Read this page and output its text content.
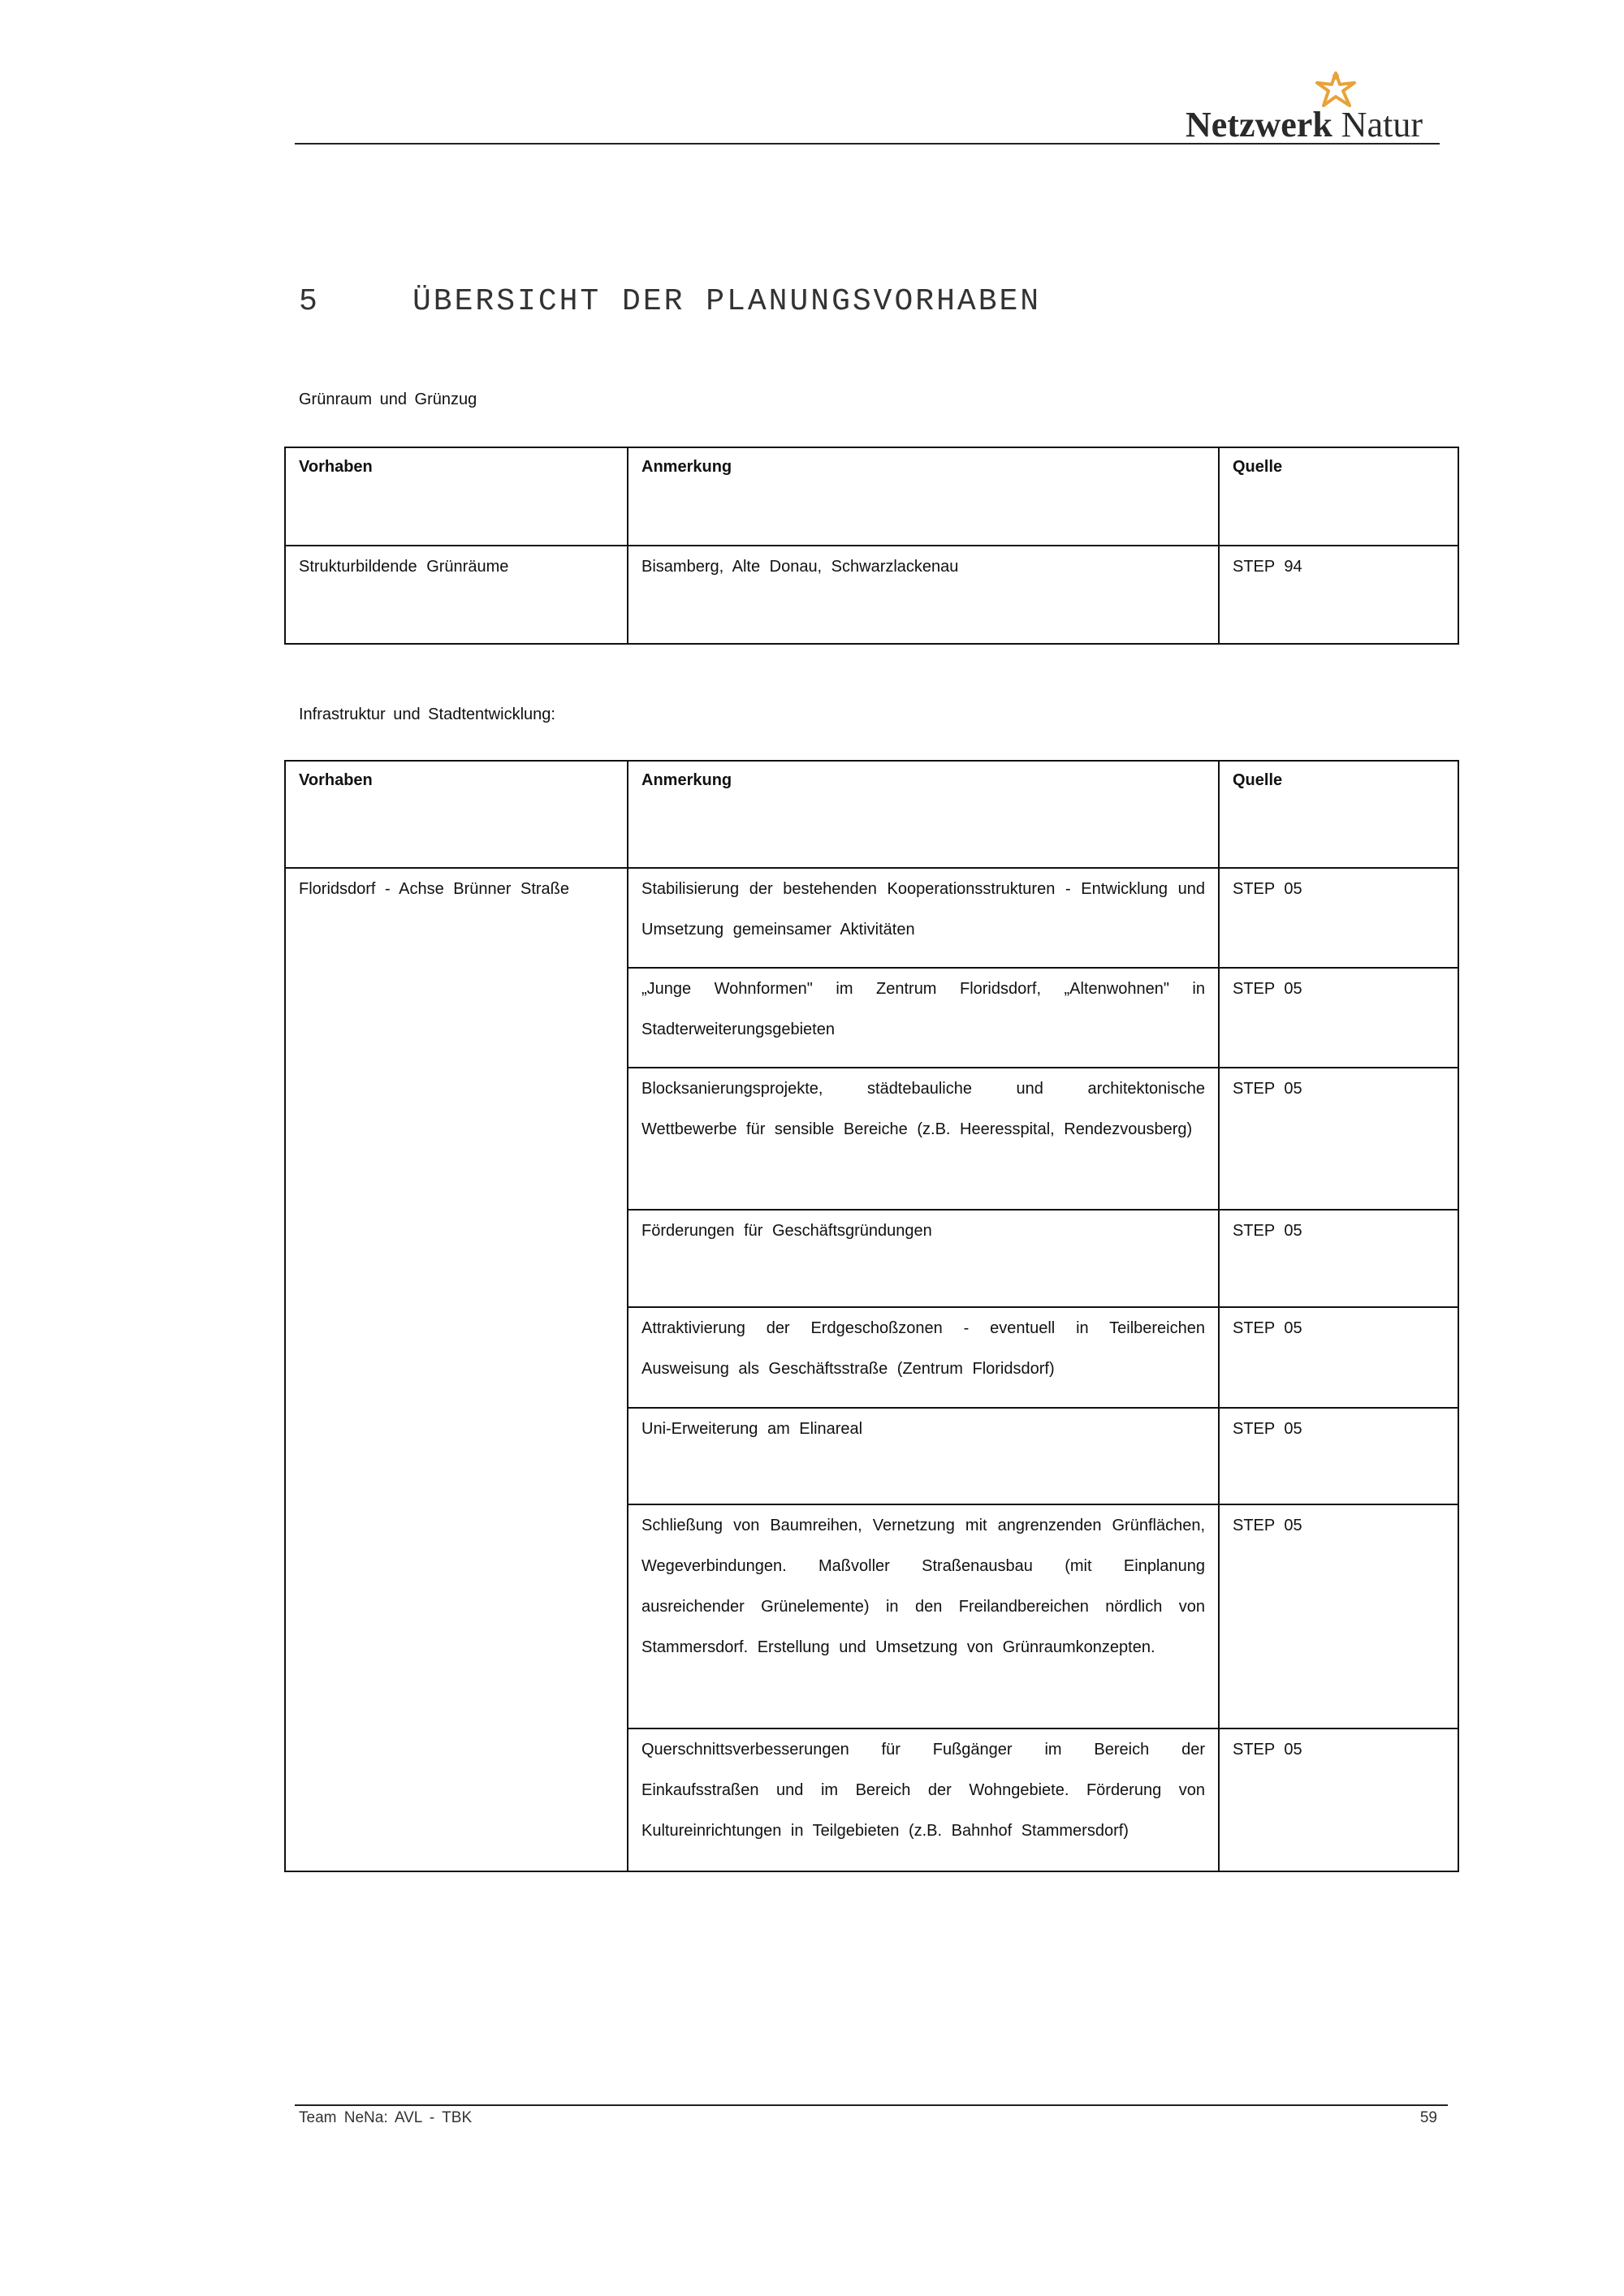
Netzwerk Natur
5	ÜBERSICHT DER PLANUNGSVORHABEN
Grünraum und Grünzug
Vorhaben	Anmerkung	Quelle

Strukturbildende Grünräume	Bisamberg, Alte Donau, Schwarzlackenau	STEP 94
Infrastruktur und Stadtentwicklung:
Vorhaben	Anmerkung	Quelle

Floridsdorf - Achse Brünner Straße	Stabilisierung der bestehenden Kooperationsstrukturen - Entwicklung und Umsetzung gemeinsamer Aktivitäten	STEP 05

	„Junge Wohnformen" im Zentrum Floridsdorf, „Altenwohnen" in Stadterweiterungsgebieten	STEP 05

	Blocksanierungsprojekte, städtebauliche und architektonische Wettbewerbe für sensible Bereiche (z.B. Heeresspital, Rendezvousberg)	STEP 05

	Förderungen für Geschäftsgründungen	STEP 05

	Attraktivierung der Erdgeschoßzonen - eventuell in Teilbereichen Ausweisung als Geschäftsstraße (Zentrum Floridsdorf)	STEP 05

	Uni-Erweiterung am Elinareal	STEP 05

	Schließung von Baumreihen, Vernetzung mit angrenzenden Grünflächen, Wegeverbindungen. Maßvoller Straßenausbau (mit Einplanung ausreichender Grünelemente) in den Freilandbereichen nördlich von Stammersdorf. Erstellung und Umsetzung von Grünraumkonzepten.	STEP 05

	Querschnittsverbesserungen für Fußgänger im Bereich der Einkaufsstraßen und im Bereich der Wohngebiete. Förderung von Kultureinrichtungen in Teilgebieten (z.B. Bahnhof Stammersdorf)	STEP 05
Team NeNa: AVL - TBK	59
